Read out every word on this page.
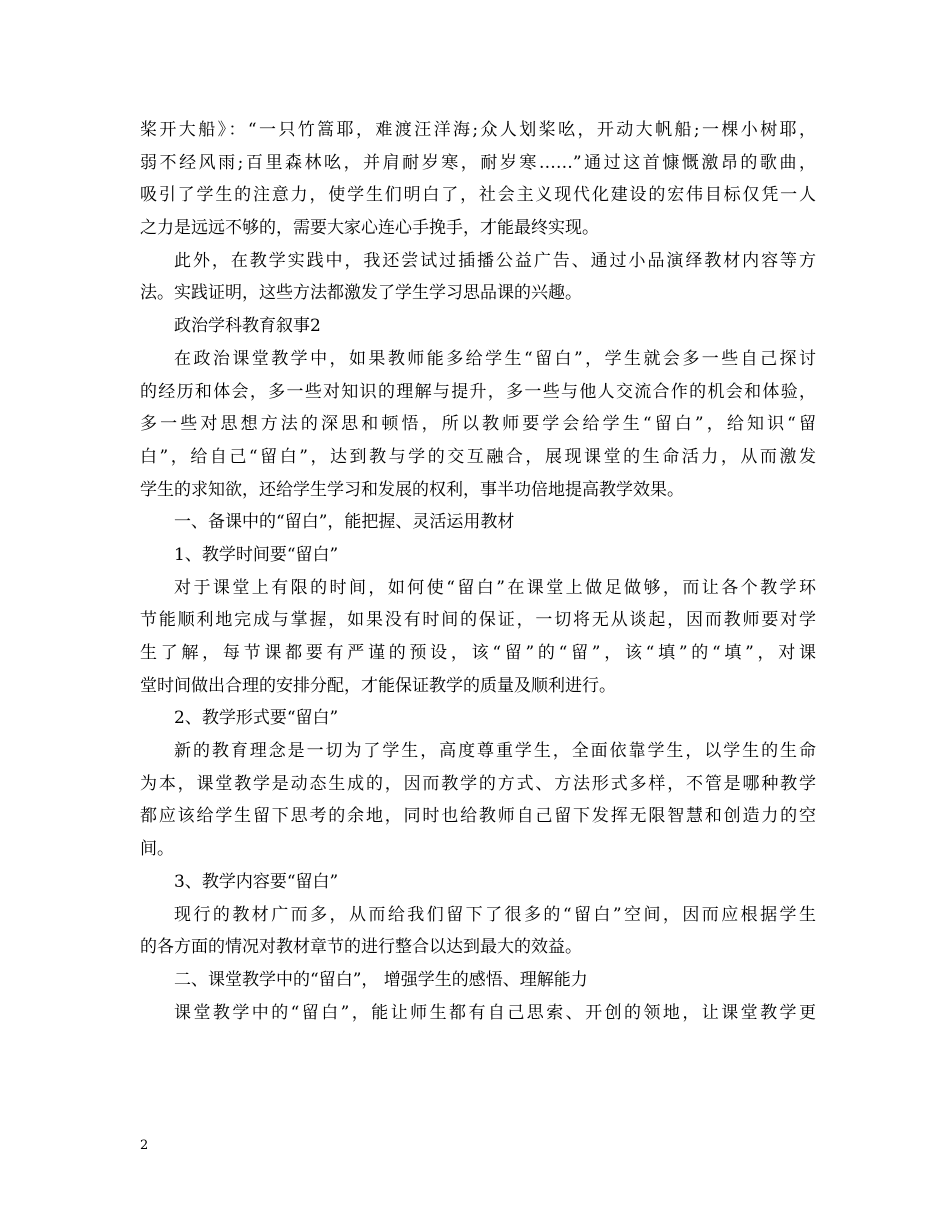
桨开大船》：“一只竹篙耶，难渡汪洋海;众人划桨吆，开动大帆船;一棵小树耶，
弱不经风雨;百里森林吆，并肩耐岁寒，耐岁寒……”通过这首慷慨激昂的歌曲，
吸引了学生的注意力，使学生们明白了，社会主义现代化建设的宏伟目标仅凭一人
之力是远远不够的，需要大家心连心手挽手，才能最终实现。
此外，在教学实践中，我还尝试过插播公益广告、通过小品演绎教材内容等方
法。实践证明，这些方法都激发了学生学习思品课的兴趣。
政治学科教育叙事2
在政治课堂教学中，如果教师能多给学生“留白”，学生就会多一些自己探讨
的经历和体会，多一些对知识的理解与提升，多一些与他人交流合作的机会和体验，
多一些对思想方法的深思和顿悟，所以教师要学会给学生“留白”，给知识“留
白”，给自己“留白”，达到教与学的交互融合，展现课堂的生命活力，从而激发
学生的求知欲，还给学生学习和发展的权利，事半功倍地提高教学效果。
一、备课中的“留白”，能把握、灵活运用教材
1、教学时间要“留白”
对于课堂上有限的时间，如何使“留白”在课堂上做足做够，而让各个教学环
节能顺利地完成与掌握，如果没有时间的保证，一切将无从谈起，因而教师要对学
生了解，每节课都要有严谨的预设，该“留”的“留”，该“填”的“填”，对课
堂时间做出合理的安排分配，才能保证教学的质量及顺利进行。
2、教学形式要“留白”
新的教育理念是一切为了学生，高度尊重学生，全面依靠学生，以学生的生命
为本，课堂教学是动态生成的，因而教学的方式、方法形式多样，不管是哪种教学
都应该给学生留下思考的余地，同时也给教师自己留下发挥无限智慧和创造力的空
间。
3、教学内容要“留白”
现行的教材广而多，从而给我们留下了很多的“留白”空间，因而应根据学生
的各方面的情况对教材章节的进行整合以达到最大的效益。
二、课堂教学中的“留白”， 增强学生的感悟、理解能力
课堂教学中的“留白”，能让师生都有自己思索、开创的领地，让课堂教学更
2
